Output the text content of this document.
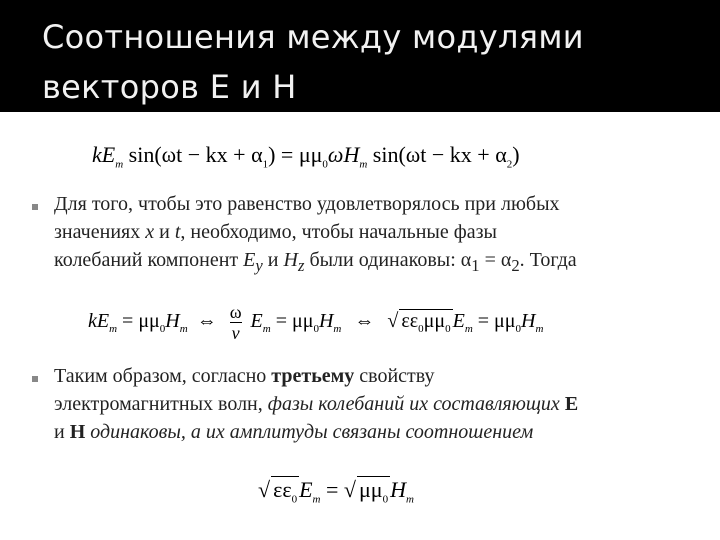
Соотношения между модулями
векторов Е и Н
$kE_m$ sin(ωt − kx + $\alpha_1) = \mu\mu_0\omega H_m$ sin(ωt − kx + $\alpha_2$)
Для того, чтобы это равенство удовлетворялось при любых
значениях x и t, необходимо, чтобы начальные фазы
колебаний компонент $E_y$ и $H_z$ были одинаковы: $\alpha_1 = \alpha_2$. Тогда
$kE_m = \mu\mu_0H_m$ ⇔ $\frac{\omega}{v} E_m = \mu\mu_0H_m$ ⇔ √ $\varepsilon\varepsilon_0\mu\mu_0$ $E_m = \mu\mu_0H_m$
Таким образом, согласно третьему свойству
электромагнитных волн, фазы колебаний их составляющих Е
и Н одинаковы, а их амплитуды связаны соотношением
√ $\varepsilon\varepsilon_0E_m$ = √ $\mu\mu_0H_m$
